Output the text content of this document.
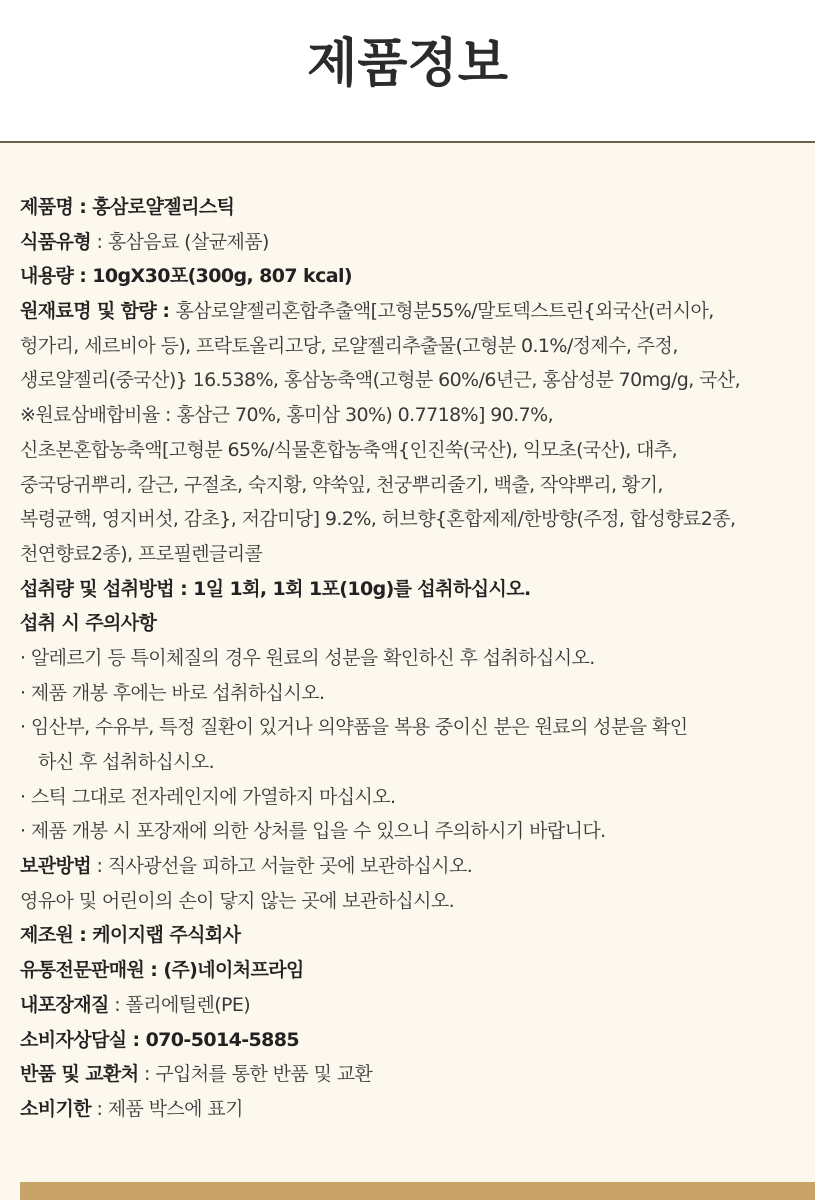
제품정보
제품명 : 홍삼로얄젤리스틱
식품유형 : 홍삼음료 (살균제품)
내용량 : 10gX30포(300g, 807 kcal)
원재료명 및 함량 : 홍삼로얄젤리혼합추출액[고형분55%/말토덱스트린{외국산(러시아,
헝가리, 세르비아 등), 프락토올리고당, 로얄젤리추출물(고형분 0.1%/정제수, 주정,
생로얄젤리(중국산)} 16.538%, 홍삼농축액(고형분 60%/6년근, 홍삼성분 70mg/g, 국산,
※원료삼배합비율 : 홍삼근 70%, 홍미삼 30%) 0.7718%] 90.7%,
신초본혼합농축액[고형분 65%/식물혼합농축액{인진쑥(국산), 익모초(국산), 대추,
중국당귀뿌리, 갈근, 구절초, 숙지황, 약쑥잎, 천궁뿌리줄기, 백출, 작약뿌리, 황기,
복령균핵, 영지버섯, 감초}, 저감미당] 9.2%, 허브향{혼합제제/한방향(주정, 합성향료2종,
천연향료2종), 프로필렌글리콜
섭취량 및 섭취방법 : 1일 1회, 1회 1포(10g)를 섭취하십시오.
섭취 시 주의사항
· 알레르기 등 특이체질의 경우 원료의 성분을 확인하신 후 섭취하십시오.
· 제품 개봉 후에는 바로 섭취하십시오.
· 임산부, 수유부, 특정 질환이 있거나 의약품을 복용 중이신 분은 원료의 성분을 확인
하신 후 섭취하십시오.
· 스틱 그대로 전자레인지에 가열하지 마십시오.
· 제품 개봉 시 포장재에 의한 상처를 입을 수 있으니 주의하시기 바랍니다.
보관방법 : 직사광선을 피하고 서늘한 곳에 보관하십시오.
영유아 및 어린이의 손이 닿지 않는 곳에 보관하십시오.
제조원 : 케이지랩 주식회사
유통전문판매원 : (주)네이처프라임
내포장재질 : 폴리에틸렌(PE)
소비자상담실 : 070-5014-5885
반품 및 교환처 : 구입처를 통한 반품 및 교환
소비기한 : 제품 박스에 표기
